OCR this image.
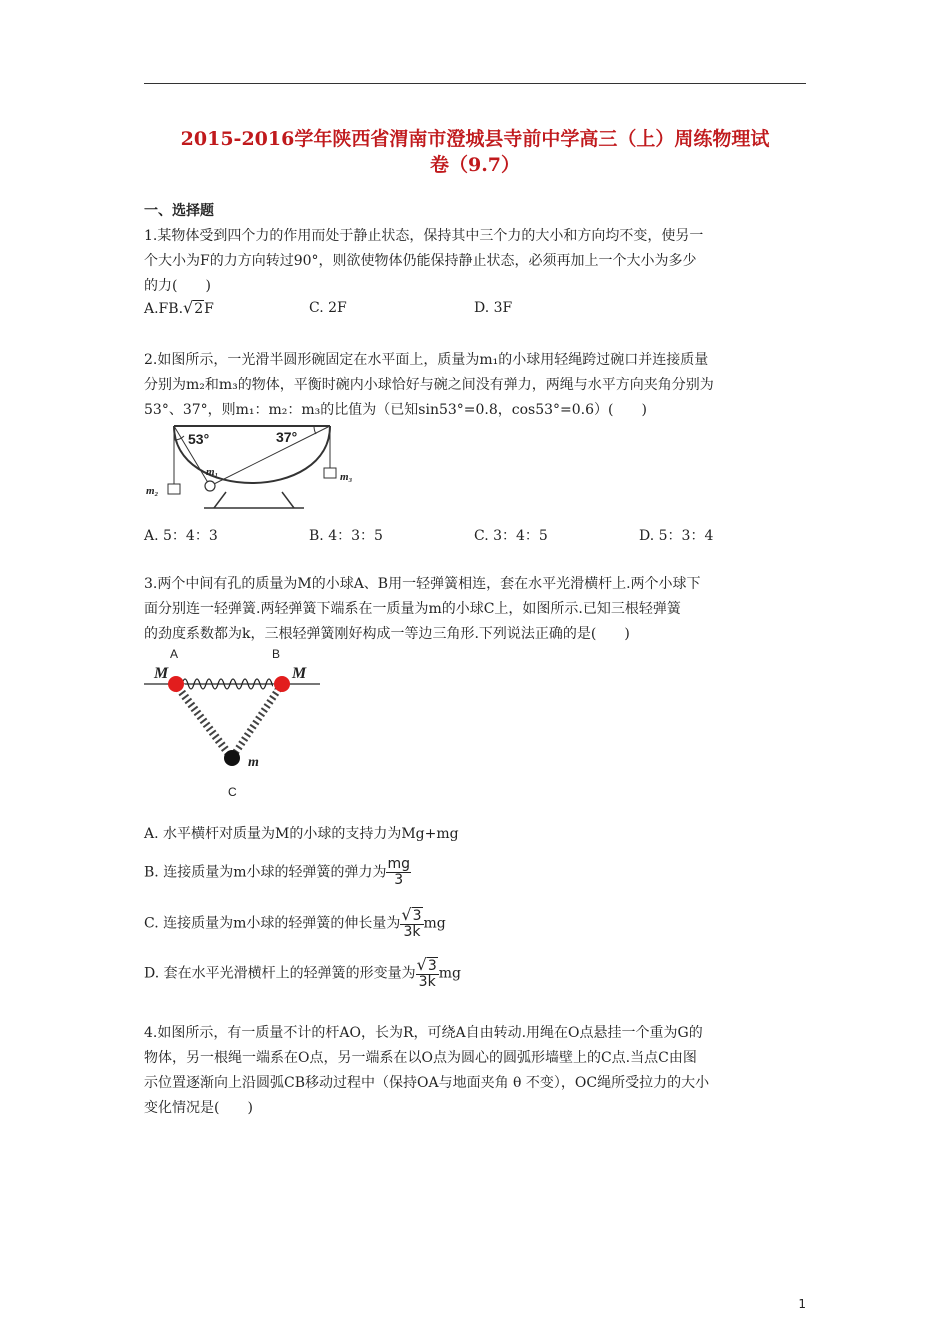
2015-2016学年陕西省渭南市澄城县寺前中学高三（上）周练物理试
卷（9.7）
一、选择题
1.某物体受到四个力的作用而处于静止状态，保持其中三个力的大小和方向均不变，使另一
个大小为F的力方向转过90°，则欲使物体仍能保持静止状态，必须再加上一个大小为多少
的力(　　)
A.FB.√2F	C. 2F	D. 3F
2.如图所示，一光滑半圆形碗固定在水平面上，质量为m₁的小球用轻绳跨过碗口并连接质量
分别为m₂和m₃的物体，平衡时碗内小球恰好与碗之间没有弹力，两绳与水平方向夹角分别为
53°、37°，则m₁：m₂：m₃的比值为（已知sin53°=0.8，cos53°=0.6）(　　)
53°	37°
m₁
m₂
m₃
A. 5：4：3	B. 4：3：5	C. 3：4：5	D. 5：3：4
3.两个中间有孔的质量为M的小球A、B用一轻弹簧相连，套在水平光滑横杆上.两个小球下
面分别连一轻弹簧.两轻弹簧下端系在一质量为m的小球C上，如图所示.已知三根轻弹簧
的劲度系数都为k，三根轻弹簧刚好构成一等边三角形.下列说法正确的是(　　)
A	B
C
M	M
m
A. 水平横杆对质量为M的小球的支持力为Mg+mg
B. 连接质量为m小球的轻弹簧的弹力为 $\frac{mg}{3}$
C. 连接质量为m小球的轻弹簧的伸长量为 $\frac{√3}{3k}$ mg
D. 套在水平光滑横杆上的轻弹簧的形变量为 $\frac{√3}{3k}$ mg
4.如图所示，有一质量不计的杆AO，长为R，可绕A自由转动.用绳在O点悬挂一个重为G的
物体，另一根绳一端系在O点，另一端系在以O点为圆心的圆弧形墙壁上的C点.当点C由图
示位置逐渐向上沿圆弧CB移动过程中（保持OA与地面夹角 θ 不变），OC绳所受拉力的大小
变化情况是(　　)
1
